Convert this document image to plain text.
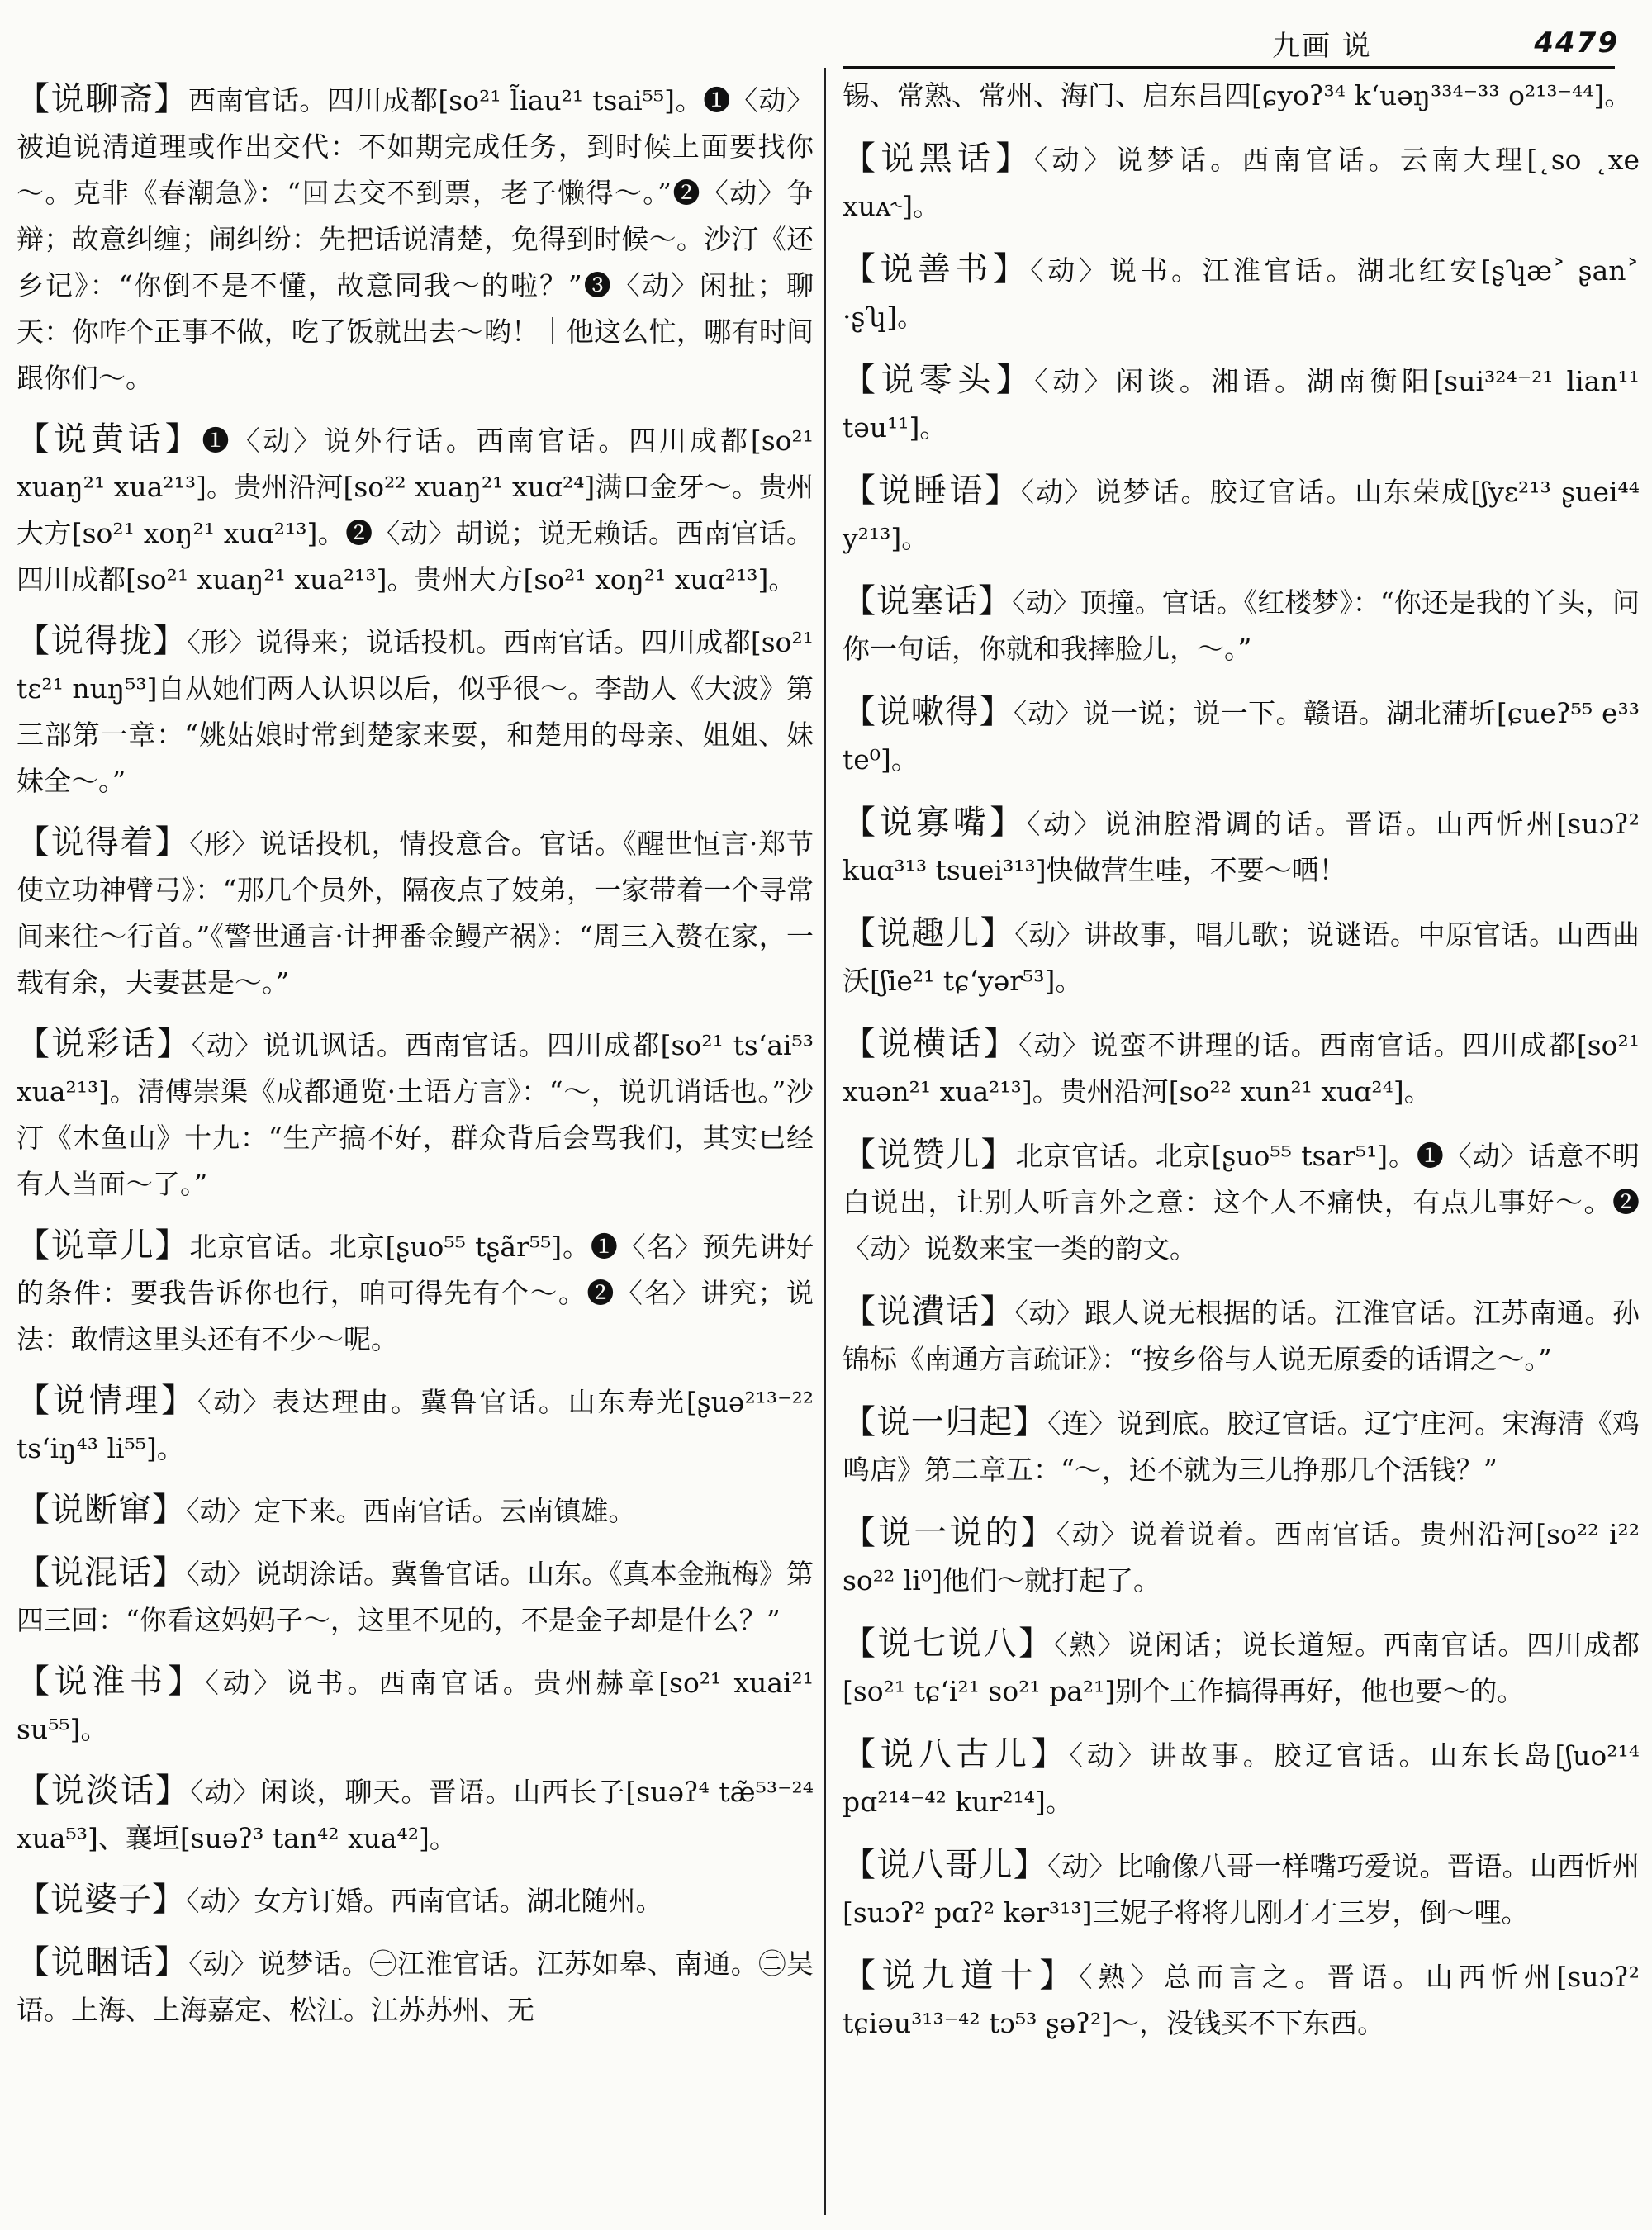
九画 说	4479

【说聊斋】西南官话。四川成都[so²¹ l̃iau²¹ tsai⁵⁵]。❶〈动〉被迫说清道理或作出交代：不如期完成任务，到时候上面要找你～。克非《春潮急》：“回去交不到票，老子懒得～。”❷〈动〉争辩；故意纠缠；闹纠纷：先把话说清楚，免得到时候～。沙汀《还乡记》：“你倒不是不懂，故意同我～的啦？”❸〈动〉闲扯；聊天：你咋个正事不做，吃了饭就出去～哟！｜他这么忙，哪有时间跟你们～。

【说黄话】❶〈动〉说外行话。西南官话。四川成都[so²¹ xuaŋ²¹ xua²¹³]。贵州沿河[so²² xuaŋ²¹ xuɑ²⁴]满口金牙～。贵州大方[so²¹ xoŋ²¹ xuɑ²¹³]。❷〈动〉胡说；说无赖话。西南官话。四川成都[so²¹ xuaŋ²¹ xua²¹³]。贵州大方[so²¹ xoŋ²¹ xuɑ²¹³]。

【说得拢】〈形〉说得来；说话投机。西南官话。四川成都[so²¹ tɛ²¹ nuŋ⁵³]自从她们两人认识以后，似乎很～。李劼人《大波》第三部第一章：“姚姑娘时常到楚家来耍，和楚用的母亲、姐姐、妹妹全～。”

【说得着】〈形〉说话投机，情投意合。官话。《醒世恒言·郑节使立功神臂弓》：“那几个员外，隔夜点了妓弟，一家带着一个寻常间来往～行首。”《警世通言·计押番金鳗产祸》：“周三入赘在家，一载有余，夫妻甚是～。”

【说彩话】〈动〉说讥讽话。西南官话。四川成都[so²¹ ts‘ai⁵³ xua²¹³]。清傅崇渠《成都通览·土语方言》：“～，说讥诮话也。”沙汀《木鱼山》十九：“生产搞不好，群众背后会骂我们，其实已经有人当面～了。”

【说章儿】北京官话。北京[ʂuo⁵⁵ tʂãr⁵⁵]。❶〈名〉预先讲好的条件：要我告诉你也行，咱可得先有个～。❷〈名〉讲究；说法：敢情这里头还有不少～呢。

【说情理】〈动〉表达理由。冀鲁官话。山东寿光[ʂuə²¹³⁻²² ts‘iŋ⁴³ li⁵⁵]。

【说断窜】〈动〉定下来。西南官话。云南镇雄。

【说混话】〈动〉说胡涂话。冀鲁官话。山东。《真本金瓶梅》第四三回：“你看这妈妈子～，这里不见的，不是金子却是什么？”

【说淮书】〈动〉说书。西南官话。贵州赫章[so²¹ xuai²¹ su⁵⁵]。

【说淡话】〈动〉闲谈，聊天。晋语。山西长子[suəʔ⁴ tæ̃⁵³⁻²⁴ xua⁵³]、襄垣[suəʔ³ tan⁴² xua⁴²]。

【说婆子】〈动〉女方订婚。西南官话。湖北随州。

【说睏话】〈动〉说梦话。㊀江淮官话。江苏如皋、南通。㊁吴语。上海、上海嘉定、松江。江苏苏州、无

锡、常熟、常州、海门、启东吕四[ɕyoʔ³⁴ k‘uəŋ³³⁴⁻³³ o²¹³⁻⁴⁴]。

【说黑话】〈动〉说梦话。西南官话。云南大理[˛so ˛xe xuᴀ˞]。

【说善书】〈动〉说书。江淮官话。湖北红安[ʂʮæ˃ ʂan˃ ·ʂʮ]。

【说零头】〈动〉闲谈。湘语。湖南衡阳[sui³²⁴⁻²¹ lian¹¹ təu¹¹]。

【说睡语】〈动〉说梦话。胶辽官话。山东荣成[ʃyɛ²¹³ ʂuei⁴⁴ y²¹³]。

【说塞话】〈动〉顶撞。官话。《红楼梦》：“你还是我的丫头，问你一句话，你就和我摔脸儿，～。”

【说嗽得】〈动〉说一说；说一下。赣语。湖北蒲圻[ɕueʔ⁵⁵ e³³ te⁰]。

【说寡嘴】〈动〉说油腔滑调的话。晋语。山西忻州[suɔʔ² kuɑ³¹³ tsuei³¹³]快做营生哇，不要～哂！

【说趣儿】〈动〉讲故事，唱儿歌；说谜语。中原官话。山西曲沃[ʃie²¹ tɕ‘yər⁵³]。

【说横话】〈动〉说蛮不讲理的话。西南官话。四川成都[so²¹ xuən²¹ xua²¹³]。贵州沿河[so²² xun²¹ xuɑ²⁴]。

【说赞儿】北京官话。北京[ʂuo⁵⁵ tsar⁵¹]。❶〈动〉话意不明白说出，让别人听言外之意：这个人不痛快，有点儿事好～。❷〈动〉说数来宝一类的韵文。

【说㵒话】〈动〉跟人说无根据的话。江淮官话。江苏南通。孙锦标《南通方言疏证》：“按乡俗与人说无原委的话谓之～。”

【说一归起】〈连〉说到底。胶辽官话。辽宁庄河。宋海清《鸡鸣店》第二章五：“～，还不就为三儿挣那几个活钱？”

【说一说的】〈动〉说着说着。西南官话。贵州沿河[so²² i²² so²² li⁰]他们～就打起了。

【说七说八】〈熟〉说闲话；说长道短。西南官话。四川成都[so²¹ tɕ‘i²¹ so²¹ pa²¹]别个工作搞得再好，他也要～的。

【说八古儿】〈动〉讲故事。胶辽官话。山东长岛[ʃuo²¹⁴ pɑ²¹⁴⁻⁴² kur²¹⁴]。

【说八哥儿】〈动〉比喻像八哥一样嘴巧爱说。晋语。山西忻州[suɔʔ² pɑʔ² kər³¹³]三妮子将将儿刚才才三岁，倒～哩。

【说九道十】〈熟〉总而言之。晋语。山西忻州[suɔʔ² tɕiəu³¹³⁻⁴² tɔ⁵³ ʂəʔ²]～，没钱买不下东西。
